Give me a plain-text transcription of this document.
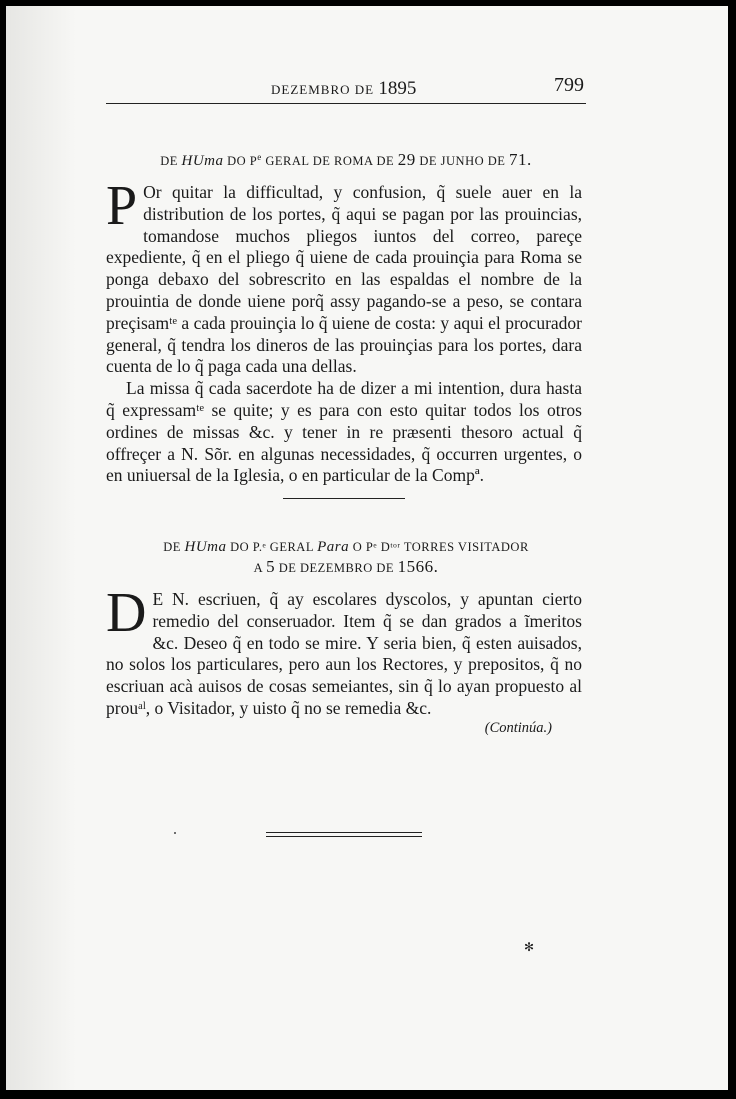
DEZEMBRO DE 1895	799
DE HUma DO $P^e$ GERAL DE ROMA DE 29 DE JUNHO DE 71.

P Or quitar la difficultad, y confusion, q̃ suele auer en la distribution de los portes, q̃ aqui se pagan por las prouincias, tomandose muchos pliegos iuntos del correo, pareçe expediente, q̃ en el pliego q̃ uiene de cada prouinçia para Roma se ponga debaxo del sobrescrito en las espaldas el nombre de la prouintia de donde uiene porq̃ assy pagando-se a peso, se contara preçisamᵗᵉ a cada prouinçia lo q̃ uiene de costa: y aqui el procurador general, q̃ tendra los dineros de las prouinçias para los portes, dara cuenta de lo q̃ paga cada una dellas.

La missa q̃ cada sacerdote ha de dizer a mi intention, dura hasta q̃ expressamᵗᵉ se quite; y es para con esto quitar todos los otros ordines de missas &c. y tener in re præsenti thesoro actual q̃ offreçer a N. Sõr. en algunas necessidades, q̃ occurren urgentes, o en uniuersal de la Iglesia, o en particular de la Compª.

DE HUma DO P.ᵉ GERAL Para O Pᵉ Dᵗᵒʳ TORRES VISITADOR
A 5 DE DEZEMBRO DE 1566.

D E N. escriuen, q̃ ay escolares dyscolos, y apuntan cierto remedio del conseruador. Item q̃ se dan grados a ĩmeritos &c. Deseo q̃ en todo se mire. Y seria bien, q̃ esten auisados, no solos los particulares, pero aun los Rectores, y prepositos, q̃ no escriuan acà auisos de cosas semeiantes, sin q̃ lo ayan propuesto al prouᵃˡ, o Visitador, y uisto q̃ no se remedia &c.

(Continúa.)
✻
